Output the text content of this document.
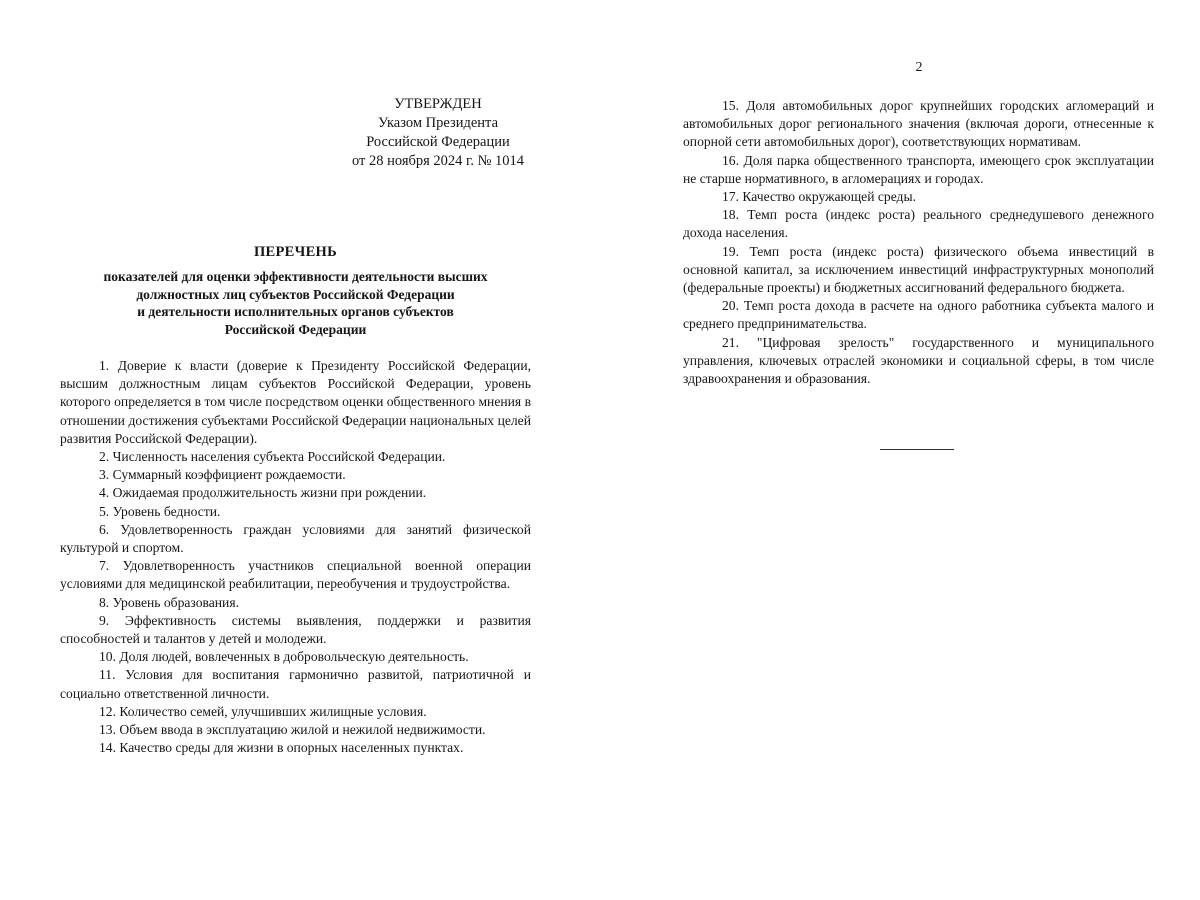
УТВЕРЖДЕН
Указом Президента
Российской Федерации
от 28 ноября 2024 г. № 1014
ПЕРЕЧЕНЬ
показателей для оценки эффективности деятельности высших
должностных лиц субъектов Российской Федерации
и деятельности исполнительных органов субъектов
Российской Федерации

1. Доверие к власти (доверие к Президенту Российской Федерации, высшим должностным лицам субъектов Российской Федерации, уровень которого определяется в том числе посредством оценки общественного мнения в отношении достижения субъектами Российской Федерации национальных целей развития Российской Федерации).

2. Численность населения субъекта Российской Федерации.

3. Суммарный коэффициент рождаемости.

4. Ожидаемая продолжительность жизни при рождении.

5. Уровень бедности.

6. Удовлетворенность граждан условиями для занятий физической культурой и спортом.

7. Удовлетворенность участников специальной военной операции условиями для медицинской реабилитации, переобучения и трудоустройства.

8. Уровень образования.

9. Эффективность системы выявления, поддержки и развития способностей и талантов у детей и молодежи.

10. Доля людей, вовлеченных в добровольческую деятельность.

11. Условия для воспитания гармонично развитой, патриотичной и социально ответственной личности.

12. Количество семей, улучшивших жилищные условия.

13. Объем ввода в эксплуатацию жилой и нежилой недвижимости.

14. Качество среды для жизни в опорных населенных пунктах.

2

15. Доля автомобильных дорог крупнейших городских агломераций и автомобильных дорог регионального значения (включая дороги, отнесенные к опорной сети автомобильных дорог), соответствующих нормативам.

16. Доля парка общественного транспорта, имеющего срок эксплуатации не старше нормативного, в агломерациях и городах.

17. Качество окружающей среды.

18. Темп роста (индекс роста) реального среднедушевого денежного дохода населения.

19. Темп роста (индекс роста) физического объема инвестиций в основной капитал, за исключением инвестиций инфраструктурных монополий (федеральные проекты) и бюджетных ассигнований федерального бюджета.

20. Темп роста дохода в расчете на одного работника субъекта малого и среднего предпринимательства.

21. "Цифровая зрелость" государственного и муниципального управления, ключевых отраслей экономики и социальной сферы, в том числе здравоохранения и образования.
